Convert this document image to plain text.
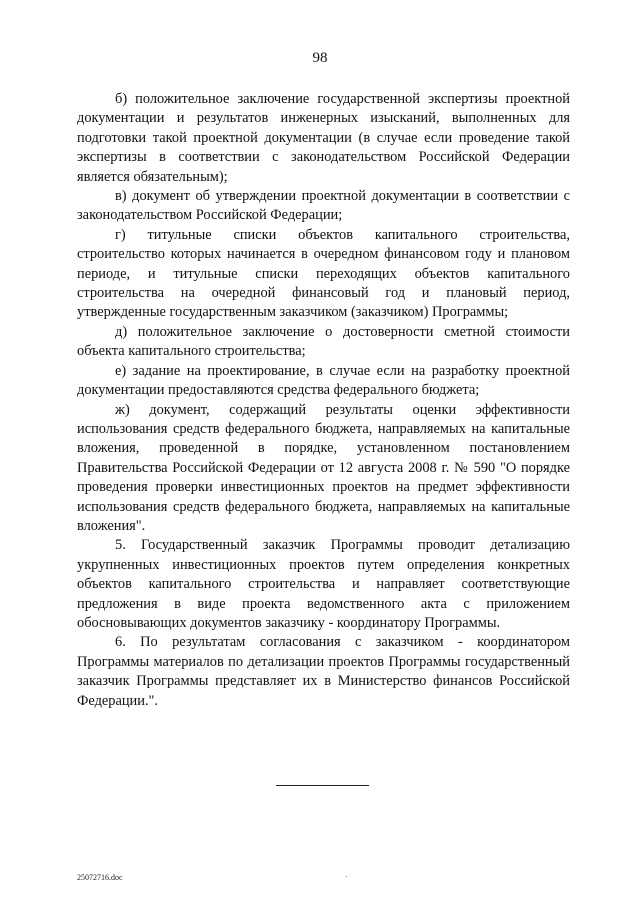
98

б) положительное заключение государственной экспертизы проектной документации и результатов инженерных изысканий, выполненных для подготовки такой проектной документации (в случае если проведение такой экспертизы в соответствии с законодательством Российской Федерации является обязательным);

в) документ об утверждении проектной документации в соответствии с законодательством Российской Федерации;

г) титульные списки объектов капитального строительства, строительство которых начинается в очередном финансовом году и плановом периоде, и титульные списки переходящих объектов капитального строительства на очередной финансовый год и плановый период, утвержденные государственным заказчиком (заказчиком) Программы;

д) положительное заключение о достоверности сметной стоимости объекта капитального строительства;

е) задание на проектирование, в случае если на разработку проектной документации предоставляются средства федерального бюджета;

ж) документ, содержащий результаты оценки эффективности использования средств федерального бюджета, направляемых на капитальные вложения, проведенной в порядке, установленном постановлением Правительства Российской Федерации от 12 августа 2008 г. № 590 "О порядке проведения проверки инвестиционных проектов на предмет эффективности использования средств федерального бюджета, направляемых на капитальные вложения".

5. Государственный заказчик Программы проводит детализацию укрупненных инвестиционных проектов путем определения конкретных объектов капитального строительства и направляет соответствующие предложения в виде проекта ведомственного акта с приложением обосновывающих документов заказчику - координатору Программы.

6. По результатам согласования с заказчиком - координатором Программы материалов по детализации проектов Программы государственный заказчик Программы представляет их в Министерство финансов Российской Федерации.".

25072716.doc
